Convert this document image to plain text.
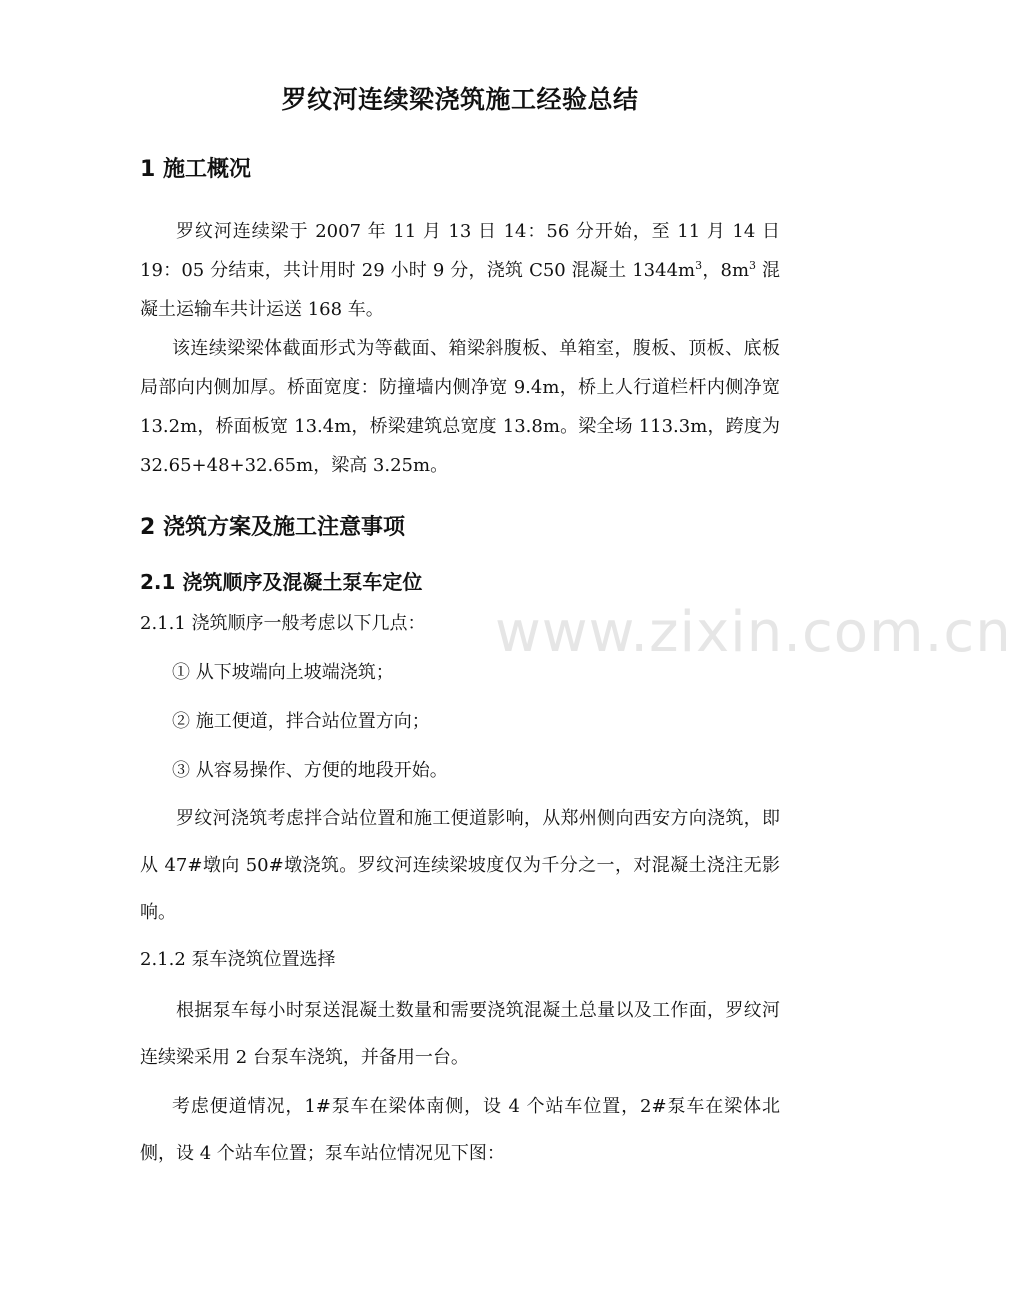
www.zixin.com.cn
罗纹河连续梁浇筑施工经验总结
1 施工概况
罗纹河连续梁于 2007 年 11 月 13 日 14：56 分开始，至 11 月 14 日 19：05 分结束，共计用时 29 小时 9 分，浇筑 C50 混凝土 $1344m^3$，$8m^3$ 混凝土运输车共计运送 168 车。
该连续梁梁体截面形式为等截面、箱梁斜腹板、单箱室，腹板、顶板、底板局部向内侧加厚。桥面宽度：防撞墙内侧净宽 9.4m，桥上人行道栏杆内侧净宽 13.2m，桥面板宽 13.4m，桥梁建筑总宽度 13.8m。梁全场 113.3m，跨度为 32.65+48+32.65m，梁高 3.25m。
2 浇筑方案及施工注意事项
2.1 浇筑顺序及混凝土泵车定位
2.1.1 浇筑顺序一般考虑以下几点：
① 从下坡端向上坡端浇筑；
② 施工便道，拌合站位置方向；
③ 从容易操作、方便的地段开始。
罗纹河浇筑考虑拌合站位置和施工便道影响，从郑州侧向西安方向浇筑，即从 47#墩向 50#墩浇筑。罗纹河连续梁坡度仅为千分之一，对混凝土浇注无影响。
2.1.2 泵车浇筑位置选择
根据泵车每小时泵送混凝土数量和需要浇筑混凝土总量以及工作面，罗纹河连续梁采用 2 台泵车浇筑，并备用一台。
考虑便道情况，1#泵车在梁体南侧，设 4 个站车位置，2#泵车在梁体北侧，设 4 个站车位置；泵车站位情况见下图：
